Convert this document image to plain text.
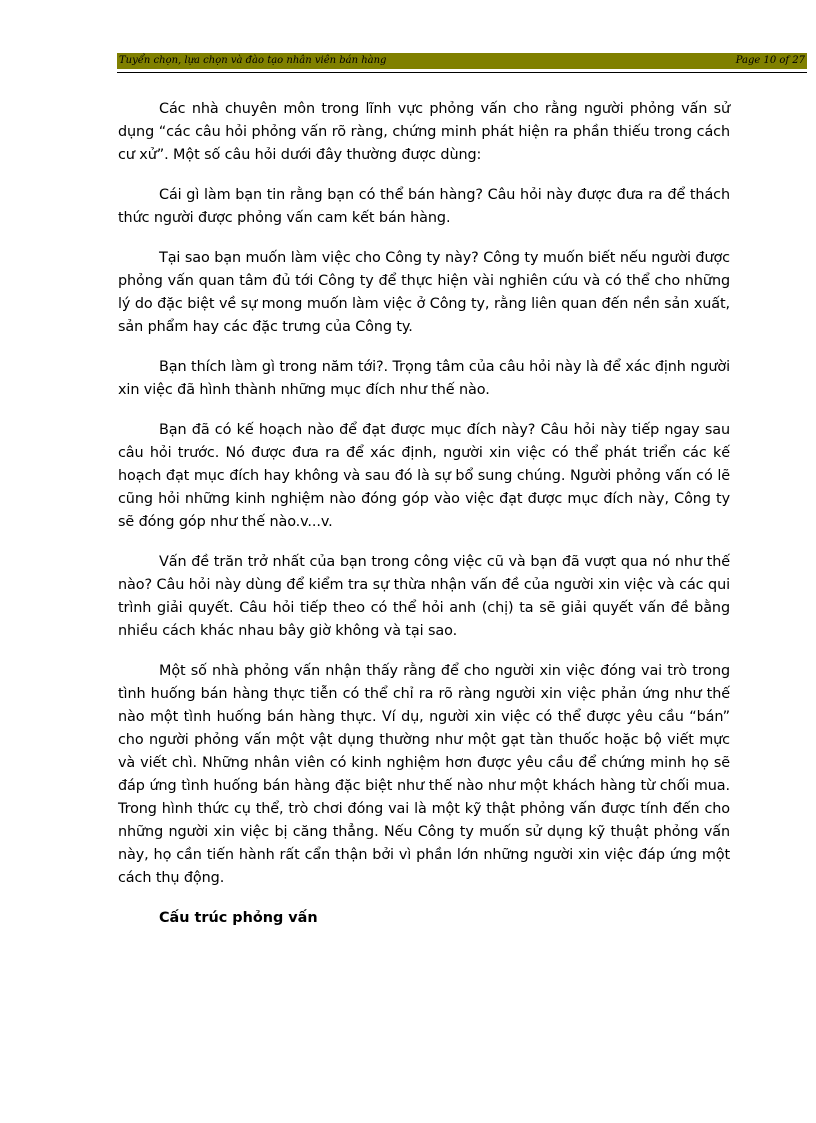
Tuyển chọn, lựa chọn và đào tạo nhân viên bán hàng	Page 10 of 27

Các nhà chuyên môn trong lĩnh vực phỏng vấn cho rằng người phỏng vấn sử dụng “các câu hỏi phỏng vấn rõ ràng, chứng minh phát hiện ra phần thiếu trong cách cư xử”. Một số câu hỏi dưới đây thường được dùng:

Cái gì làm bạn tin rằng bạn có thể bán hàng? Câu hỏi này được đưa ra để thách thức người được phỏng vấn cam kết bán hàng.

Tại sao bạn muốn làm việc cho Công ty này? Công ty muốn biết nếu người được phỏng vấn quan tâm đủ tới Công ty để thực hiện vài nghiên cứu và có thể cho những lý do đặc biệt về sự mong muốn làm việc ở Công ty, rằng liên quan đến nền sản xuất, sản phẩm hay các đặc trưng của Công ty.

Bạn thích làm gì trong năm tới?. Trọng tâm của câu hỏi này là để xác định người xin việc đã hình thành những mục đích như thế nào.

Bạn đã có kế hoạch nào để đạt được mục đích này? Câu hỏi này tiếp ngay sau câu hỏi trước. Nó được đưa ra để xác định, người xin việc có thể phát triển các kế hoạch đạt mục đích hay không và sau đó là sự bổ sung chúng. Người phỏng vấn có lẽ cũng hỏi những kinh nghiệm nào đóng góp vào việc đạt được mục đích này, Công ty sẽ đóng góp như thế nào.v...v.

Vấn đề trăn trở nhất của bạn trong công việc cũ và bạn đã vượt qua nó như thế nào? Câu hỏi này dùng để kiểm tra sự thừa nhận vấn đề của người xin việc và các qui trình giải quyết. Câu hỏi tiếp theo có thể hỏi anh (chị) ta sẽ giải quyết vấn đề bằng nhiều cách khác nhau bây giờ không và tại sao.

Một số nhà phỏng vấn nhận thấy rằng để cho người xin việc đóng vai trò trong tình huống bán hàng thực tiễn có thể chỉ ra rõ ràng người xin việc phản ứng như thế nào một tình huống bán hàng thực. Ví dụ, người xin việc có thể được yêu cầu “bán” cho người phỏng vấn một vật dụng thường như một gạt tàn thuốc hoặc bộ viết mực và viết chì. Những nhân viên có kinh nghiệm hơn được yêu cầu để chứng minh họ sẽ đáp ứng tình huống bán hàng đặc biệt như thế nào như một khách hàng từ chối mua. Trong hình thức cụ thể, trò chơi đóng vai là một kỹ thật phỏng vấn được tính đến cho những người xin việc bị căng thẳng. Nếu Công ty muốn sử dụng kỹ thuật phỏng vấn này, họ cần tiến hành rất cẩn thận bởi vì phần lớn những người xin việc đáp ứng một cách thụ động.

Cấu trúc phỏng vấn
